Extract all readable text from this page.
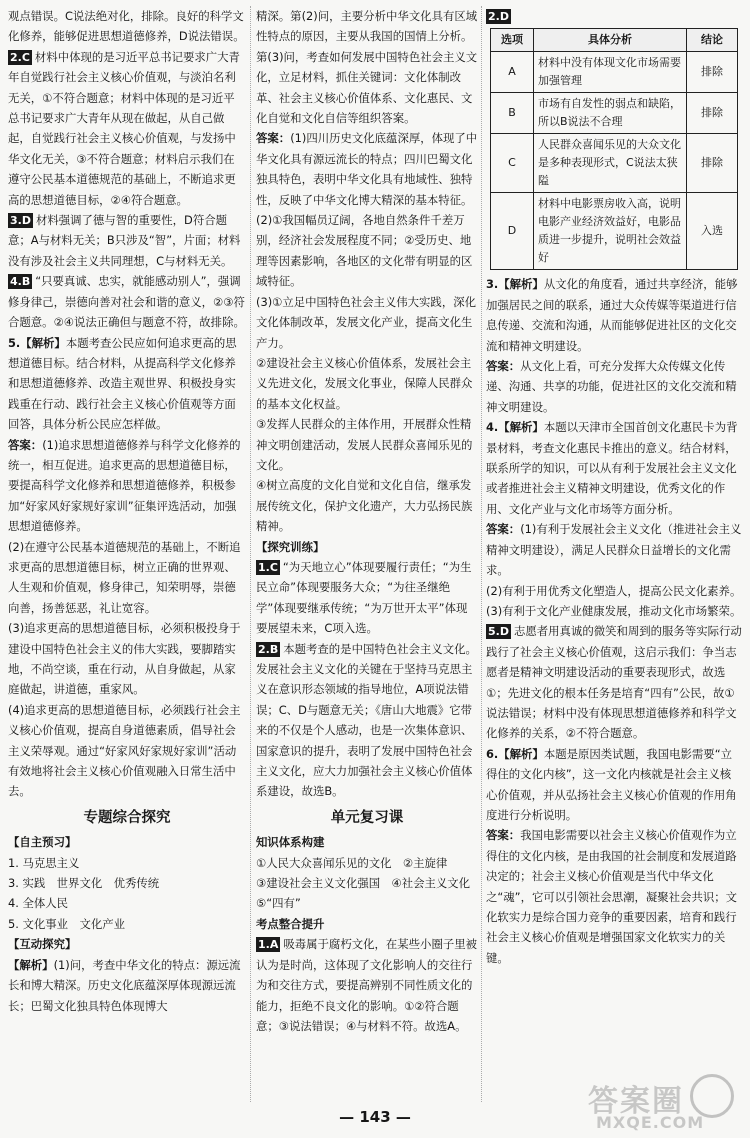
观点错误。C说法绝对化，排除。良好的科学文化修养，能够促进思想道德修养，D说法错误。

2.C 材料中体现的是习近平总书记要求广大青年自觉践行社会主义核心价值观，与淡泊名利无关，①不符合题意；材料中体现的是习近平总书记要求广大青年从现在做起，从自己做起，自觉践行社会主义核心价值观，与发扬中华文化无关，③不符合题意；材料启示我们在遵守公民基本道德规范的基础上，不断追求更高的思想道德目标，②④符合题意。

3.D 材料强调了德与智的重要性，D符合题意；A与材料无关；B只涉及“智”，片面；材料没有涉及社会主义共同理想，C与材料无关。

4.B “只要真诚、忠实，就能感动别人”，强调修身律己，崇德向善对社会和谐的意义，②③符合题意。②④说法正确但与题意不符，故排除。

5.【解析】本题考查公民应如何追求更高的思想道德目标。结合材料，从提高科学文化修养和思想道德修养、改造主观世界、积极投身实践重在行动、践行社会主义核心价值观等方面回答，具体分析公民应怎样做。

答案：(1)追求思想道德修养与科学文化修养的统一，相互促进。追求更高的思想道德目标，要提高科学文化修养和思想道德修养，积极参加“好家风好家规好家训”征集评选活动，加强思想道德修养。

(2)在遵守公民基本道德规范的基础上，不断追求更高的思想道德目标，树立正确的世界观、人生观和价值观，修身律己，知荣明辱，崇德向善，扬善惩恶，礼让宽容。

(3)追求更高的思想道德目标，必须积极投身于建设中国特色社会主义的伟大实践，要脚踏实地，不尚空谈，重在行动，从自身做起，从家庭做起，讲道德，重家风。

(4)追求更高的思想道德目标，必须践行社会主义核心价值观，提高自身道德素质，倡导社会主义荣辱观。通过“好家风好家规好家训”活动有效地将社会主义核心价值观融入日常生活中去。

专题综合探究
【自主预习】

1. 马克思主义

3. 实践　世界文化　优秀传统

4. 全体人民

5. 文化事业　文化产业

【互动探究】

【解析】(1)问，考查中华文化的特点：源远流长和博大精深。历史文化底蕴深厚体现源远流长；巴蜀文化独具特色体现博大

精深。第(2)问，主要分析中华文化具有区域性特点的原因，主要从我国的国情上分析。第(3)问，考查如何发展中国特色社会主义文化，立足材料，抓住关键词：文化体制改革、社会主义核心价值体系、文化惠民、文化自觉和文化自信等组织答案。

答案：(1)四川历史文化底蕴深厚，体现了中华文化具有源远流长的特点；四川巴蜀文化独具特色，表明中华文化具有地域性、独特性，反映了中华文化博大精深的基本特征。

(2)①我国幅员辽阔，各地自然条件千差万别，经济社会发展程度不同；②受历史、地理等因素影响，各地区的文化带有明显的区域特征。

(3)①立足中国特色社会主义伟大实践，深化文化体制改革，发展文化产业，提高文化生产力。

②建设社会主义核心价值体系，发展社会主义先进文化，发展文化事业，保障人民群众的基本文化权益。

③发挥人民群众的主体作用，开展群众性精神文明创建活动，发展人民群众喜闻乐见的文化。

④树立高度的文化自觉和文化自信，继承发展传统文化，保护文化遗产，大力弘扬民族精神。

【探究训练】

1.C “为天地立心”体现要履行责任；“为生民立命”体现要服务大众；“为往圣继绝学”体现要继承传统；“为万世开太平”体现要展望未来，C项入选。

2.B 本题考查的是中国特色社会主义文化。发展社会主义文化的关键在于坚持马克思主义在意识形态领域的指导地位，A项说法错误；C、D与题意无关；《唐山大地震》它带来的不仅是个人感动，也是一次集体意识、国家意识的提升，表明了发展中国特色社会主义文化，应大力加强社会主义核心价值体系建设，故选B。

单元复习课
知识体系构建

①人民大众喜闻乐见的文化　②主旋律

③建设社会主义文化强国　④社会主义文化　⑤“四有”

考点整合提升

1.A 吸毒属于腐朽文化，在某些小圈子里被认为是时尚，这体现了文化影响人的交往行为和交往方式，要提高辨别不同性质文化的能力，拒绝不良文化的影响。①②符合题意；③说法错误；④与材料不符。故选A。

2.D

选项	具体分析	结论
A	材料中没有体现文化市场需要加强管理	排除
B	市场有自发性的弱点和缺陷，所以B说法不合理	排除
C	人民群众喜闻乐见的大众文化是多种表现形式，C说法太狭隘	排除
D	材料中电影票房收入高，说明电影产业经济效益好，电影品质进一步提升，说明社会效益好	入选

3.【解析】从文化的角度看，通过共享经济，能够加强居民之间的联系，通过大众传媒等渠道进行信息传递、交流和沟通，从而能够促进社区的文化交流和精神文明建设。

答案：从文化上看，可充分发挥大众传媒文化传递、沟通、共享的功能，促进社区的文化交流和精神文明建设。

4.【解析】本题以天津市全国首创文化惠民卡为背景材料，考查文化惠民卡推出的意义。结合材料，联系所学的知识，可以从有利于发展社会主义文化或者推进社会主义精神文明建设，优秀文化的作用、文化产业与文化市场等方面分析。

答案：(1)有利于发展社会主义文化（推进社会主义精神文明建设），满足人民群众日益增长的文化需求。

(2)有利于用优秀文化塑造人，提高公民文化素养。

(3)有利于文化产业健康发展，推动文化市场繁荣。

5.D 志愿者用真诚的微笑和周到的服务等实际行动践行了社会主义核心价值观，这启示我们：争当志愿者是精神文明建设活动的重要表现形式，故选①；先进文化的根本任务是培育“四有”公民，故①说法错误；材料中没有体现思想道德修养和科学文化修养的关系，②不符合题意。

6.【解析】本题是原因类试题，我国电影需要“立得住的文化内核”，这一文化内核就是社会主义核心价值观，并从弘扬社会主义核心价值观的作用角度进行分析说明。

答案：我国电影需要以社会主义核心价值观作为立得住的文化内核，是由我国的社会制度和发展道路决定的；社会主义核心价值观是当代中华文化之“魂”，它可以引领社会思潮，凝聚社会共识；文化软实力是综合国力竞争的重要因素，培育和践行社会主义核心价值观是增强国家文化软实力的关键。

— 143 —	答案圈
MXQE.COM
